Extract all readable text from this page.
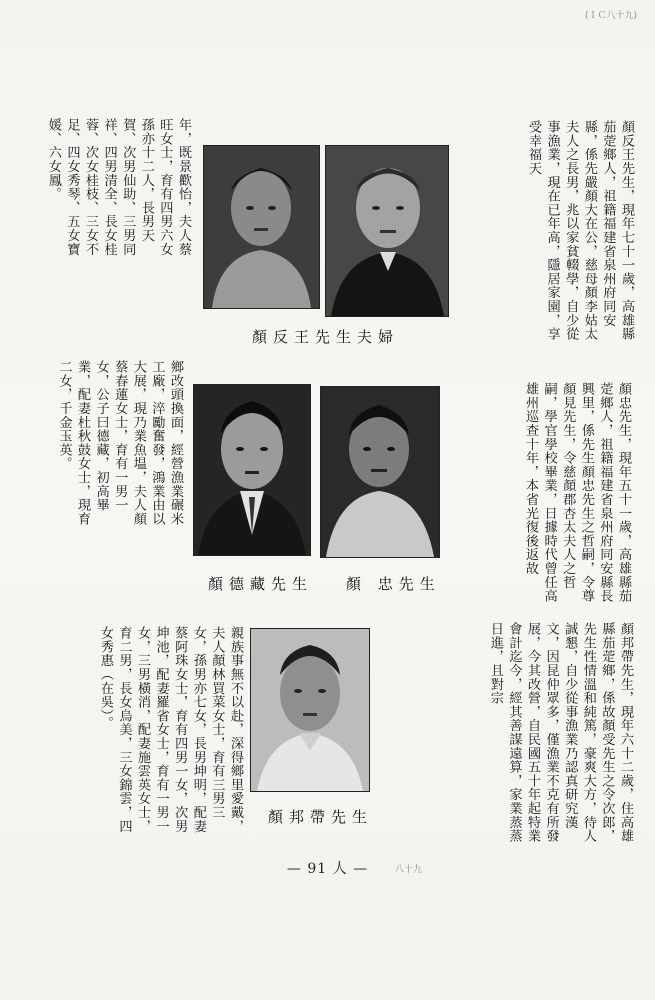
顏反王先生，現年七十一歲，高雄縣茄萣鄉人，祖籍福建省泉州府同安縣，係先嚴顏大在公，慈母顏李姑太夫人之長男，兆以家貧輟學，自少從事漁業，現在已年高，隱居家園，享受幸福天
年，既景歡怡，夫人蔡旺女士，育有四男六女孫亦十二人，長男天賀、次男仙助、三男同祥、四男清全、長女桂蓉、次女桂枝、三女不足、四女秀琴、五女寶媛、六女鳳。
顏反王先生夫婦
顏忠先生，現年五十一歲，高雄縣茄萣鄉人，祖籍福建省泉州府同安縣長興里，係先生顏忠先生之哲嗣，令尊顏見先生，令慈顏郡杏太夫人之哲嗣，學官學校畢業，日據時代曾任高雄州巡查十年，本省光復後返故
鄉改頭換面，經營漁業碾米工廠，淬勵奮發，鴻業由以大展，現乃業魚塭，夫人顏蔡春蓮女士，育有一男一女，公子曰德藏，初高畢業，配妻杜秋鼓女士，現育二女，千金玉英。
顏 忠先生
顏德藏先生
顏邦帶先生，現年六十二歲，住高雄縣茄萣鄉，係故顏受先生之令次郎，先生性情溫和純篤，豪爽大方，待人誠懇，自少從事漁業乃認真研究漢文，因昆仲眾多，僅漁業不克有所發展，今其改營，自民國五十年起特業會計迄今，經其善謀遠算，家業蒸蒸日進，且對宗
親族事無不以赴，深得鄉里愛戴，夫人顏林買菜女士，育有三男三女，孫男亦七女，長男坤明，配妻蔡阿珠女士，育有四男一女，次男坤池，配妻羅省女士，育有一男一女，三男橫消，配妻施雲英女士，育二男，長女烏美，三女錦雲，四女秀惠（在吳）。
顏邦帶先生
— 91 人 —
(ＩＣ八十九)
八十九
